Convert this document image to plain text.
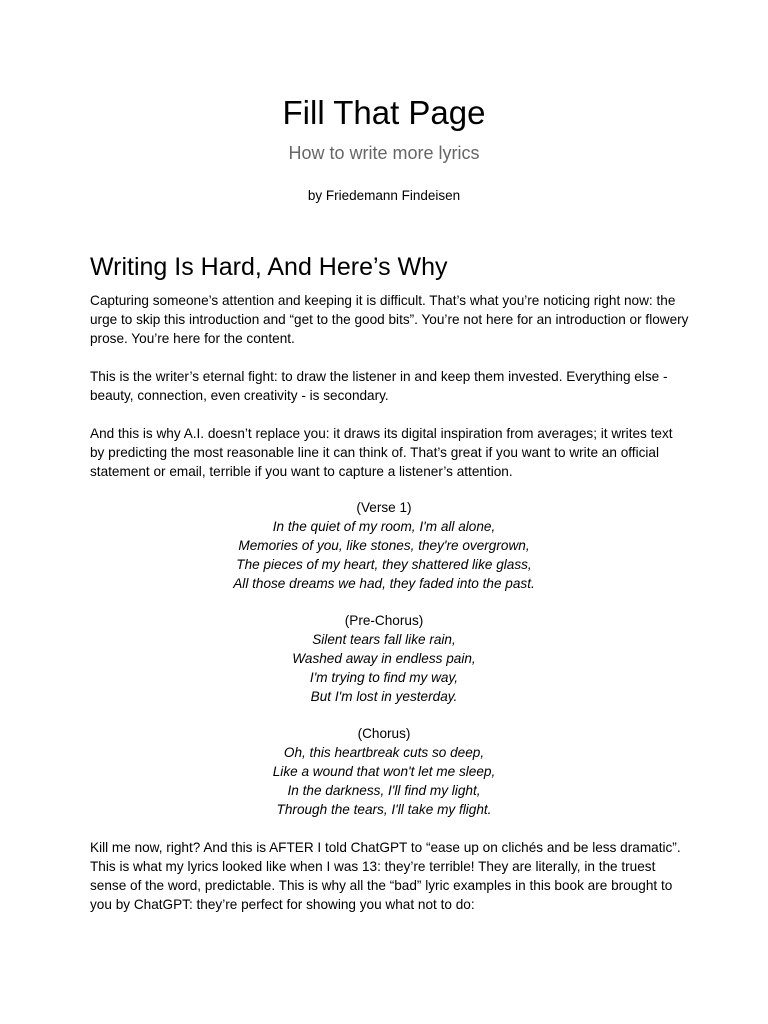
Fill That Page

How to write more lyrics

by Friedemann Findeisen

Writing Is Hard, And Here’s Why

Capturing someone’s attention and keeping it is difficult. That’s what you’re noticing right now: the urge to skip this introduction and “get to the good bits”. You’re not here for an introduction or flowery prose. You’re here for the content.

This is the writer’s eternal fight: to draw the listener in and keep them invested. Everything else - beauty, connection, even creativity - is secondary.

And this is why A.I. doesn’t replace you: it draws its digital inspiration from averages; it writes text by predicting the most reasonable line it can think of. That’s great if you want to write an official statement or email, terrible if you want to capture a listener’s attention.

(Verse 1)
In the quiet of my room, I'm all alone,
Memories of you, like stones, they're overgrown,
The pieces of my heart, they shattered like glass,
All those dreams we had, they faded into the past.
(Pre-Chorus)
Silent tears fall like rain,
Washed away in endless pain,
I'm trying to find my way,
But I'm lost in yesterday.
(Chorus)
Oh, this heartbreak cuts so deep,
Like a wound that won't let me sleep,
In the darkness, I'll find my light,
Through the tears, I'll take my flight.

Kill me now, right? And this is AFTER I told ChatGPT to “ease up on clichés and be less dramatic”. This is what my lyrics looked like when I was 13: they’re terrible! They are literally, in the truest sense of the word, predictable. This is why all the “bad” lyric examples in this book are brought to you by ChatGPT: they’re perfect for showing you what not to do:
